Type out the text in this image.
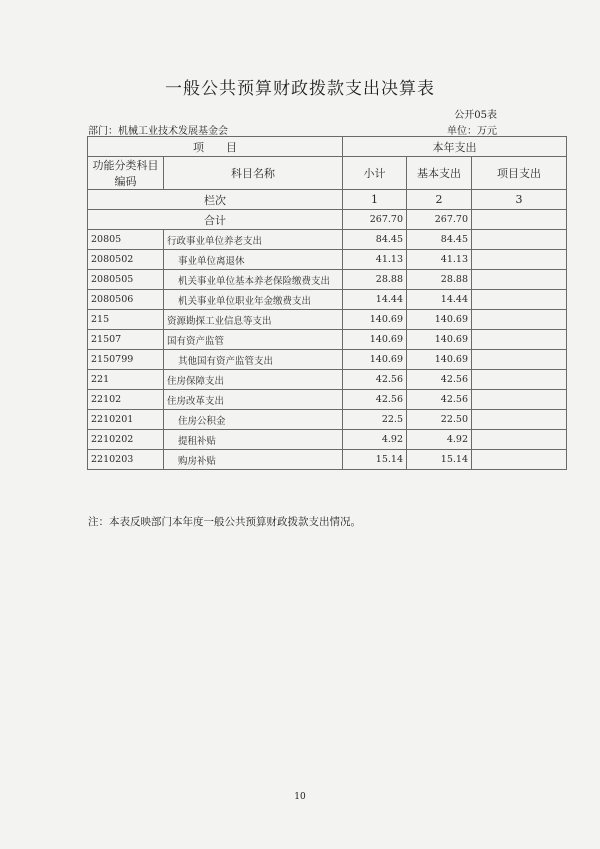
一般公共预算财政拨款支出决算表
公开05表
部门：机械工业技术发展基金会	单位：万元
项　　目		本年支出		
功能分类科目编码	科目名称	小计	基本支出	项目支出
栏次		1	2	3
合计		267.70	267.70	
20805	行政事业单位养老支出	84.45	84.45	
2080502	事业单位离退休	41.13	41.13	
2080505	机关事业单位基本养老保险缴费支出	28.88	28.88	
2080506	机关事业单位职业年金缴费支出	14.44	14.44	
215	资源勘探工业信息等支出	140.69	140.69	
21507	国有资产监管	140.69	140.69	
2150799	其他国有资产监管支出	140.69	140.69	
221	住房保障支出	42.56	42.56	
22102	住房改革支出	42.56	42.56	
2210201	住房公积金	22.5	22.50	
2210202	提租补贴	4.92	4.92	
2210203	购房补贴	15.14	15.14	
注：本表反映部门本年度一般公共预算财政拨款支出情况。
10
